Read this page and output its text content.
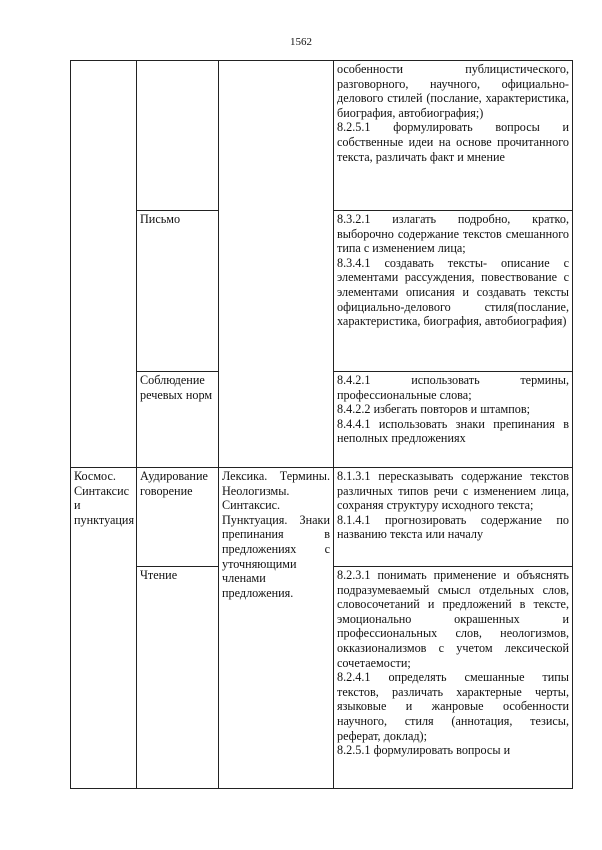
1562

			особенности публицистического, разговорного, научного, официально-делового стилей (послание, характеристика, биография, автобиография;)

8.2.5.1 формулировать вопросы и собственные идеи на основе прочитанного текста, различать факт и мнение

	Письмо		8.3.2.1 излагать подробно, кратко, выборочно содержание текстов смешанного типа с изменением лица;

8.3.4.1 создавать тексты- описание с элементами рассуждения, повествование с элементами описания и создавать тексты официально-делового стиля(послание, характеристика, биография, автобиография)

	Соблюдение речевых норм		8.4.2.1 использовать термины, профессиональные слова;

8.4.2.2 избегать повторов и штампов;

8.4.4.1 использовать знаки препинания в неполных предложениях

Космос. Синтаксис и пунктуация	Аудирование говорение	Лексика. Термины. Неологизмы. Синтаксис. Пунктуация. Знаки препинания в предложениях с уточняющими членами предложения.	8.1.3.1 пересказывать содержание текстов различных типов речи с изменением лица, сохраняя структуру исходного текста;

8.1.4.1 прогнозировать содержание по названию текста или началу

	Чтение		8.2.3.1 понимать применение и объяснять подразумеваемый смысл отдельных слов, словосочетаний и предложений в тексте, эмоционально окрашенных и профессиональных слов, неологизмов, окказионализмов с учетом лексической сочетаемости;

8.2.4.1 определять смешанные типы текстов, различать характерные черты, языковые и жанровые особенности научного, стиля (аннотация, тезисы, реферат, доклад);

8.2.5.1 формулировать вопросы и
